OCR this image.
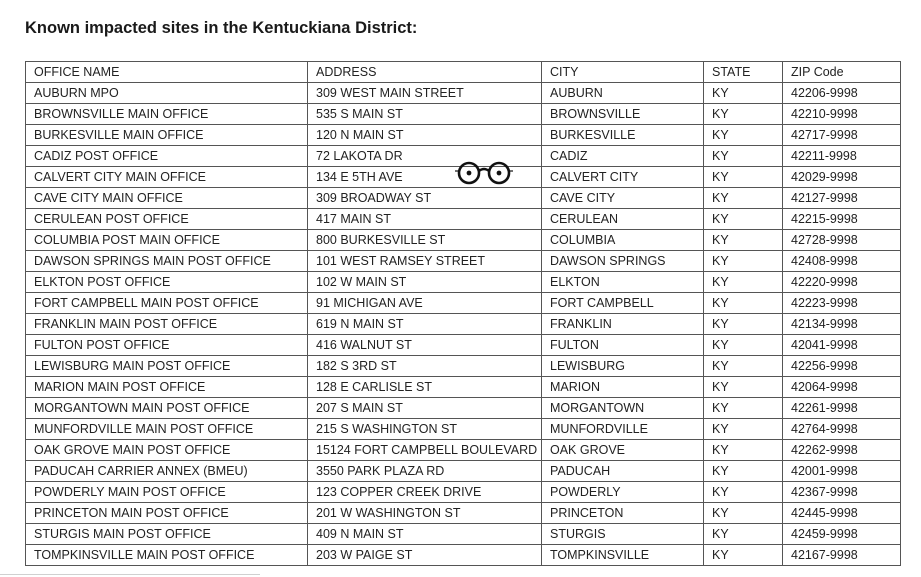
Known impacted sites in the Kentuckiana District:
OFFICE NAME	ADDRESS	CITY	STATE	ZIP Code
AUBURN MPO	309 WEST MAIN STREET	AUBURN	KY	42206-9998
BROWNSVILLE MAIN OFFICE	535 S MAIN ST	BROWNSVILLE	KY	42210-9998
BURKESVILLE MAIN OFFICE	120 N MAIN ST	BURKESVILLE	KY	42717-9998
CADIZ POST OFFICE	72 LAKOTA DR	CADIZ	KY	42211-9998
CALVERT CITY MAIN OFFICE	134 E 5TH AVE	CALVERT CITY	KY	42029-9998
CAVE CITY MAIN OFFICE	309 BROADWAY ST	CAVE CITY	KY	42127-9998
CERULEAN POST OFFICE	417 MAIN ST	CERULEAN	KY	42215-9998
COLUMBIA POST MAIN OFFICE	800 BURKESVILLE ST	COLUMBIA	KY	42728-9998
DAWSON SPRINGS MAIN POST OFFICE	101 WEST RAMSEY STREET	DAWSON SPRINGS	KY	42408-9998
ELKTON POST OFFICE	102 W MAIN ST	ELKTON	KY	42220-9998
FORT CAMPBELL MAIN POST OFFICE	91 MICHIGAN AVE	FORT CAMPBELL	KY	42223-9998
FRANKLIN MAIN POST OFFICE	619 N MAIN ST	FRANKLIN	KY	42134-9998
FULTON POST OFFICE	416 WALNUT ST	FULTON	KY	42041-9998
LEWISBURG MAIN POST OFFICE	182 S 3RD ST	LEWISBURG	KY	42256-9998
MARION MAIN POST OFFICE	128 E CARLISLE ST	MARION	KY	42064-9998
MORGANTOWN MAIN POST OFFICE	207 S MAIN ST	MORGANTOWN	KY	42261-9998
MUNFORDVILLE MAIN POST OFFICE	215 S WASHINGTON ST	MUNFORDVILLE	KY	42764-9998
OAK GROVE MAIN POST OFFICE	15124 FORT CAMPBELL BOULEVARD	OAK GROVE	KY	42262-9998
PADUCAH CARRIER ANNEX (BMEU)	3550 PARK PLAZA RD	PADUCAH	KY	42001-9998
POWDERLY MAIN POST OFFICE	123 COPPER CREEK DRIVE	POWDERLY	KY	42367-9998
PRINCETON MAIN POST OFFICE	201 W WASHINGTON ST	PRINCETON	KY	42445-9998
STURGIS MAIN POST OFFICE	409 N MAIN ST	STURGIS	KY	42459-9998
TOMPKINSVILLE MAIN POST OFFICE	203 W PAIGE ST	TOMPKINSVILLE	KY	42167-9998
